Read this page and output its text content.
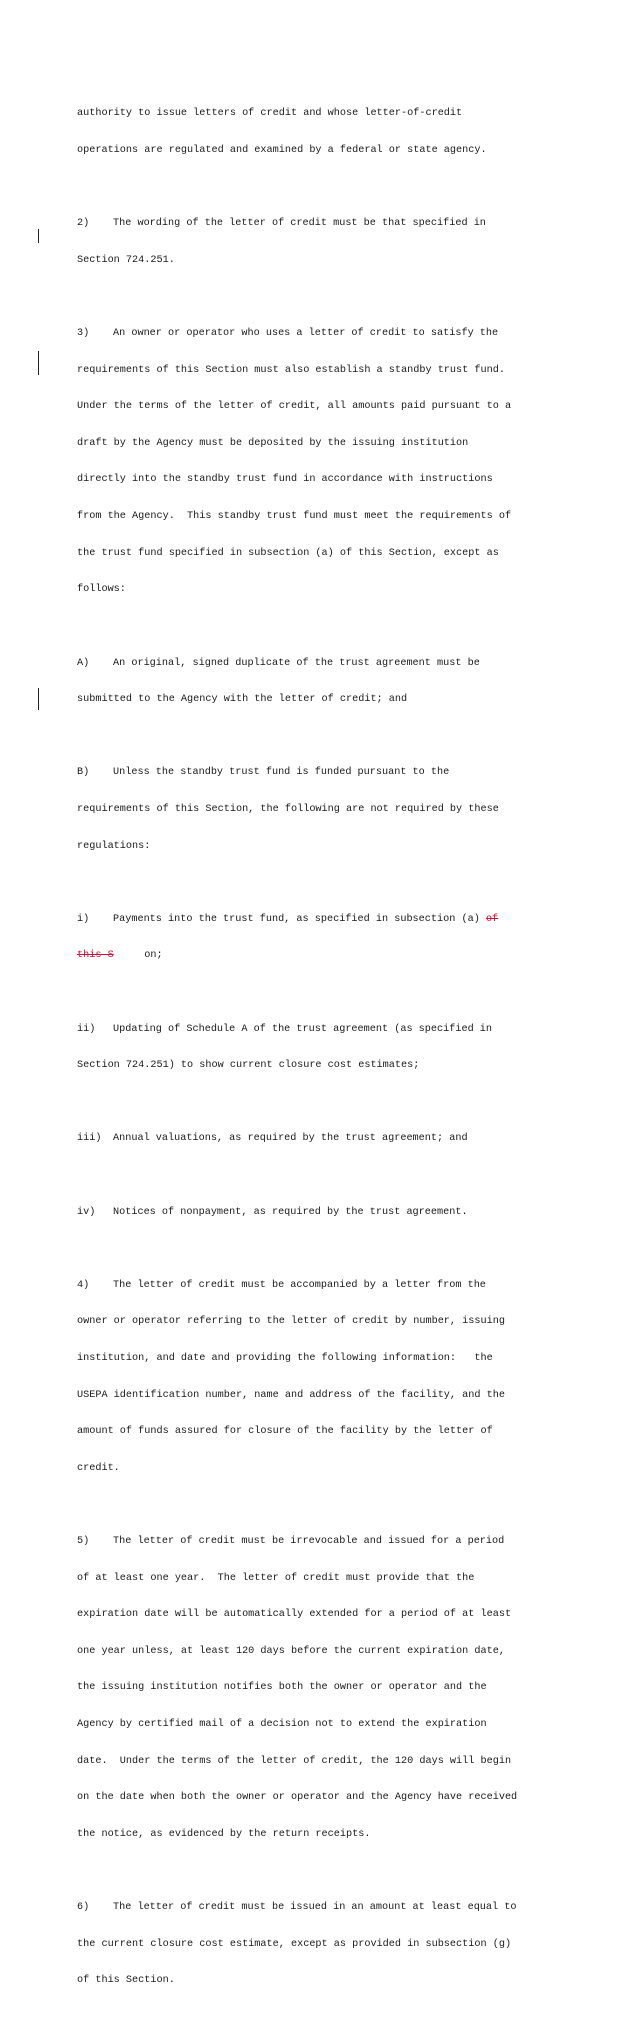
authority to issue letters of credit and whose letter-of-credit

operations are regulated and examined by a federal or state agency.

2) The wording of the letter of credit must be that specified in

Section 724.251.

3) An owner or operator who uses a letter of credit to satisfy the

requirements of this Section must also establish a standby trust fund.

Under the terms of the letter of credit, all amounts paid pursuant to a

draft by the Agency must be deposited by the issuing institution

directly into the standby trust fund in accordance with instructions

from the Agency.  This standby trust fund must meet the requirements of

the trust fund specified in subsection (a) of this Section, except as

follows:

A) An original, signed duplicate of the trust agreement must be

submitted to the Agency with the letter of credit; and

B) Unless the standby trust fund is funded pursuant to the

requirements of this Section, the following are not required by these

regulations:

i) Payments into the trust fund, as specified in subsection (a) of

this S	on;

ii) Updating of Schedule A of the trust agreement (as specified in

Section 724.251) to show current closure cost estimates;

iii) Annual valuations, as required by the trust agreement; and

iv) Notices of nonpayment, as required by the trust agreement.

4) The letter of credit must be accompanied by a letter from the

owner or operator referring to the letter of credit by number, issuing

institution, and date and providing the following information:   the

USEPA identification number, name and address of the facility, and the

amount of funds assured for closure of the facility by the letter of

credit.

5) The letter of credit must be irrevocable and issued for a period

of at least one year.  The letter of credit must provide that the

expiration date will be automatically extended for a period of at least

one year unless, at least 120 days before the current expiration date,

the issuing institution notifies both the owner or operator and the

Agency by certified mail of a decision not to extend the expiration

date.  Under the terms of the letter of credit, the 120 days will begin

on the date when both the owner or operator and the Agency have received

the notice, as evidenced by the return receipts.

6) The letter of credit must be issued in an amount at least equal to

the current closure cost estimate, except as provided in subsection (g)

of this Section.
